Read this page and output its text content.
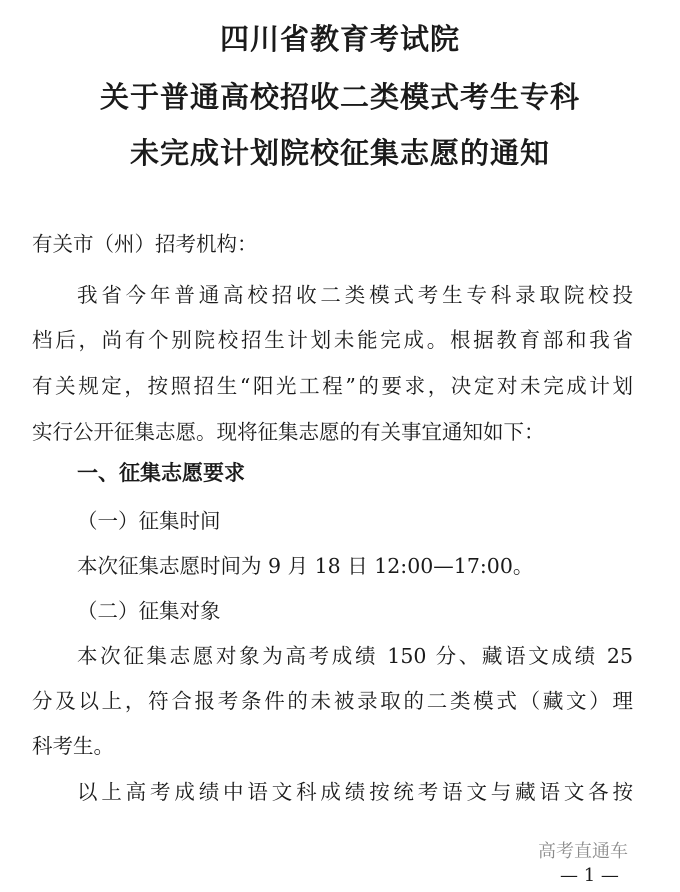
四川省教育考试院
关于普通高校招收二类模式考生专科
未完成计划院校征集志愿的通知
有关市（州）招考机构：
我省今年普通高校招收二类模式考生专科录取院校投
档后，尚有个别院校招生计划未能完成。根据教育部和我省
有关规定，按照招生“阳光工程”的要求，决定对未完成计划
实行公开征集志愿。现将征集志愿的有关事宜通知如下：
一、征集志愿要求
（一）征集时间
本次征集志愿时间为 9 月 18 日 12:00—17:00。
（二）征集对象
本次征集志愿对象为高考成绩 150 分、藏语文成绩 25
分及以上，符合报考条件的未被录取的二类模式（藏文）理
科考生。
以上高考成绩中语文科成绩按统考语文与藏语文各按
高考直通车
— 1 —
